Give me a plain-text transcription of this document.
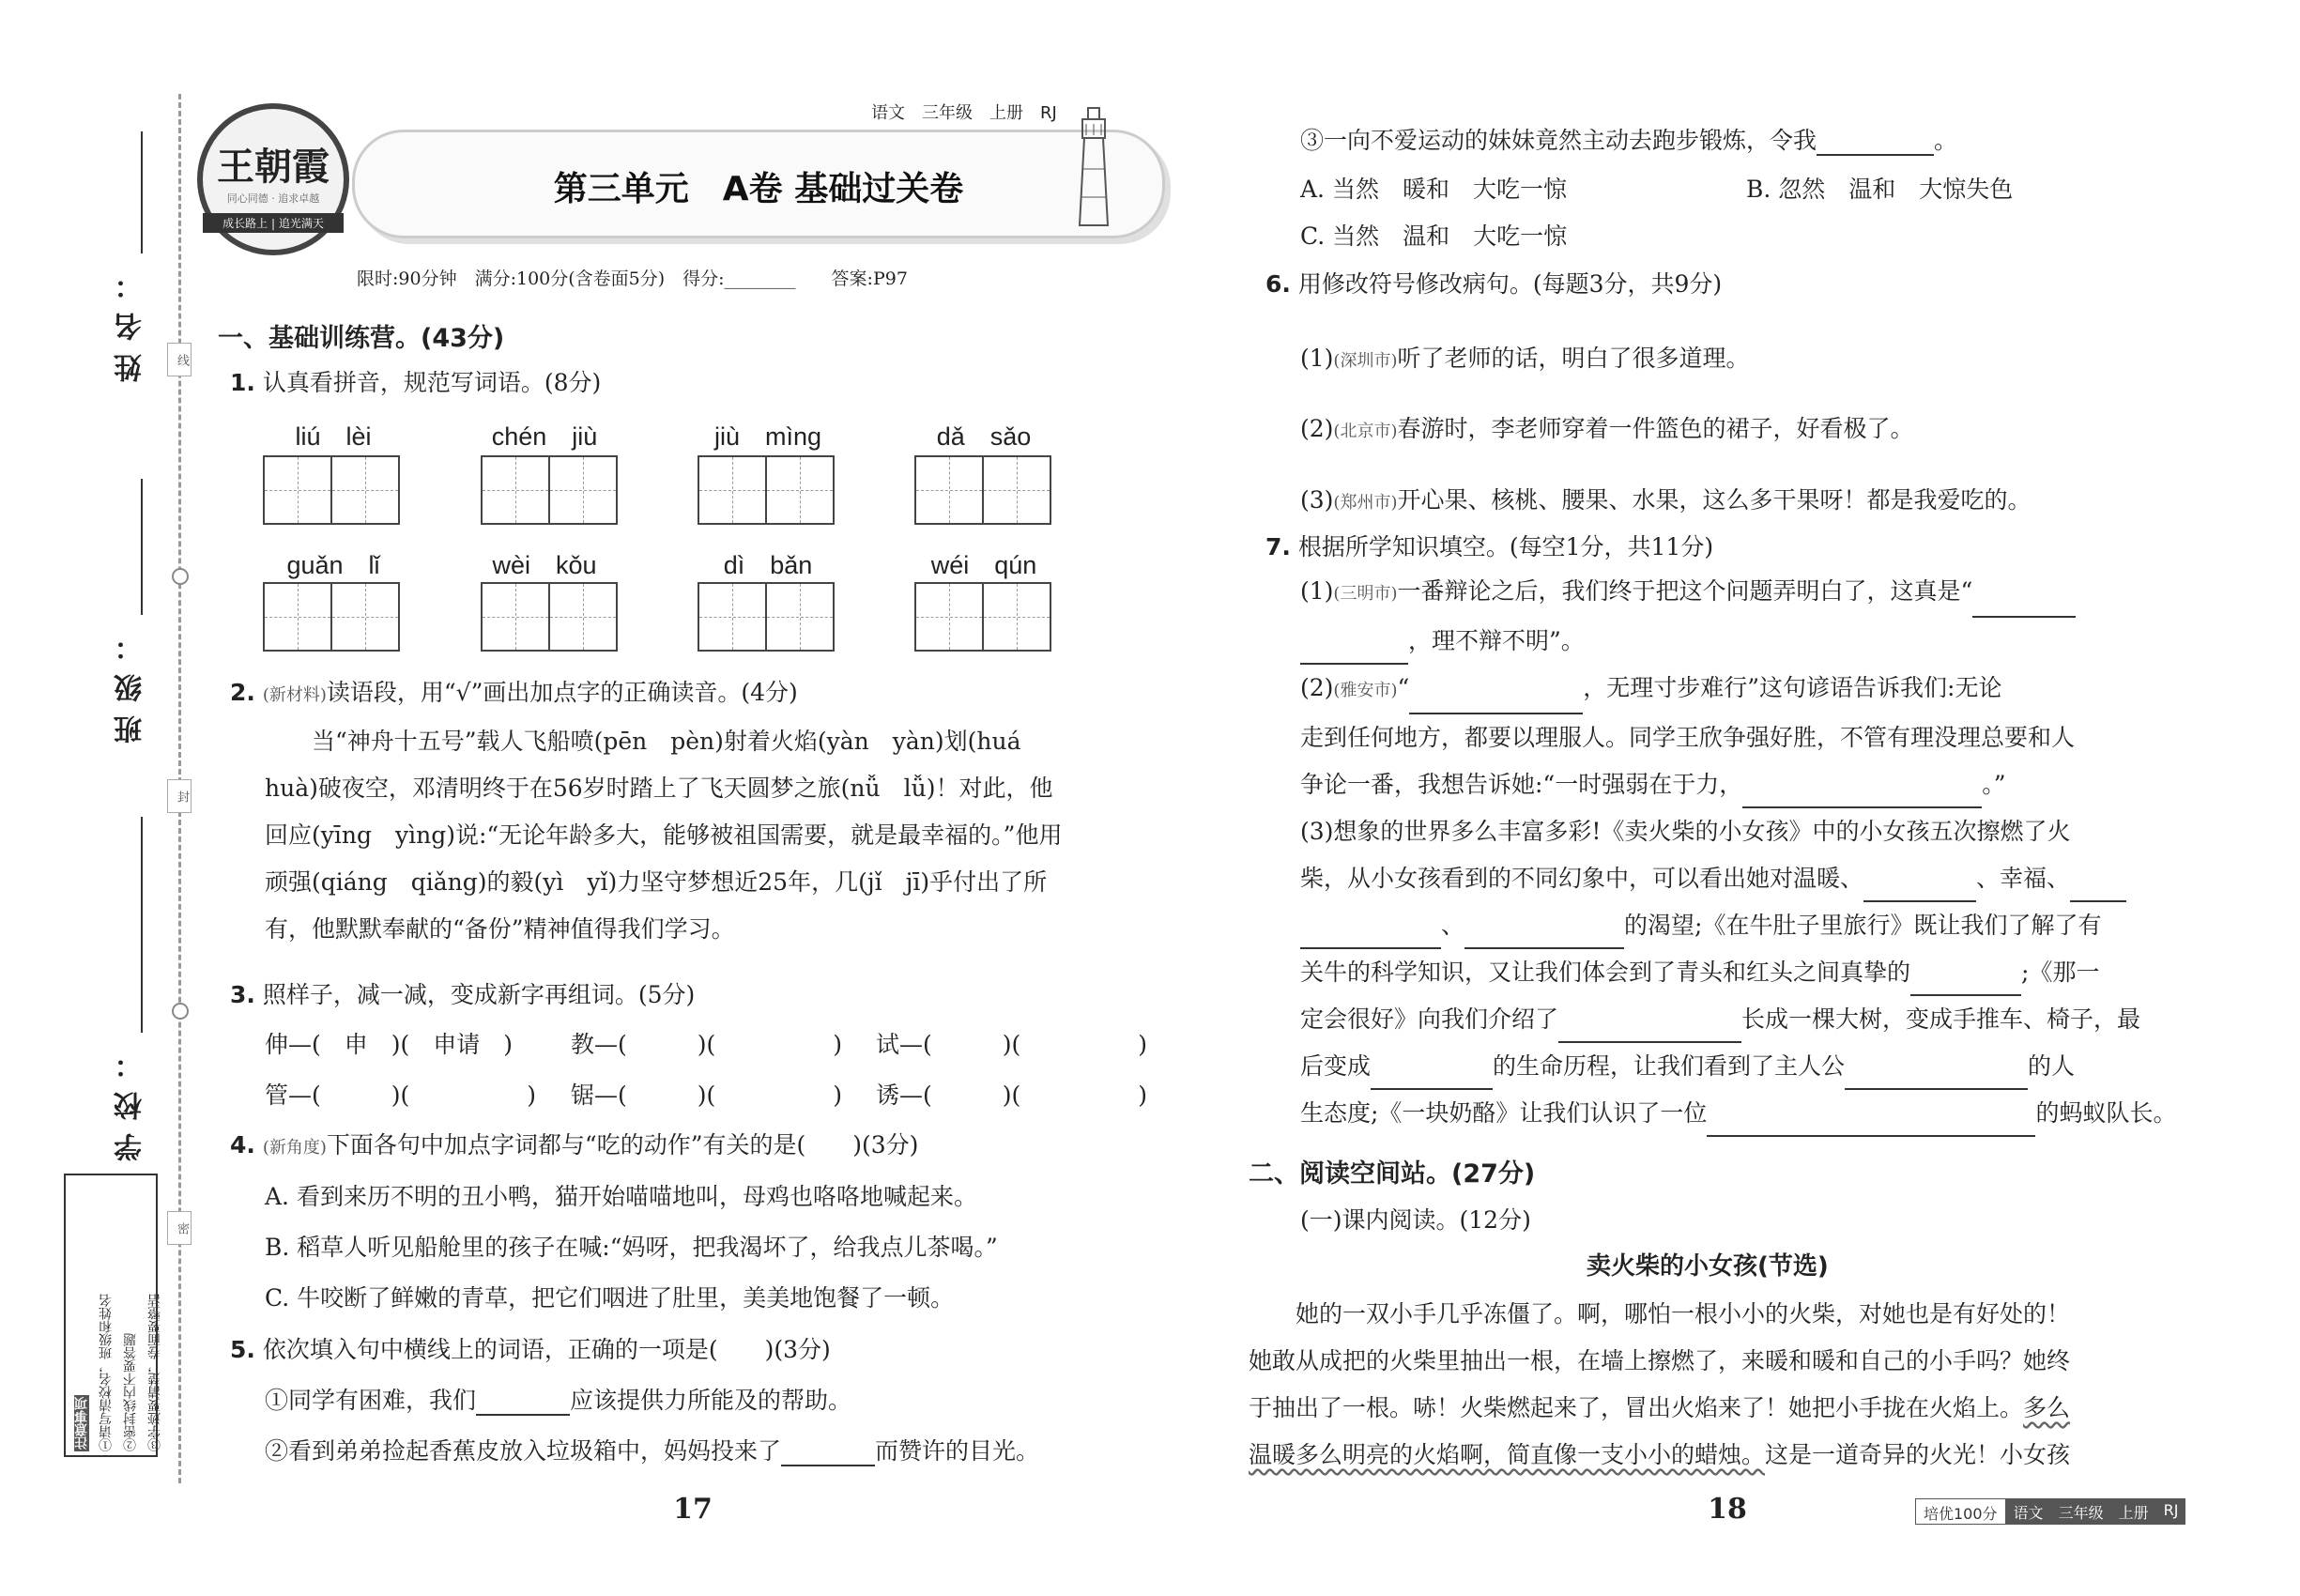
姓名：
班级：
学校：
线
封
密
注意事项 ①请写清校名，班级和姓名 ②密封线内不要答题 ③字迹要清楚，卷面要整洁
王朝霞
同心同德 · 追求卓越
成长路上 | 追光满天
语文　三年级　上册　RJ
第三单元　A卷 基础过关卷
限时:90分钟　满分:100分(含卷面5分)　得分:________　　答案:P97
一、基础训练营。(43分)
1. 认真看拼音，规范写词语。(8分)
liú　lèi	chén　jiù	jiù　mìng	dǎ　sǎo
guǎn　lǐ	wèi　kǒu	dì　bǎn	wéi　qún
2. (新材料)读语段，用“√”画出加点字的正确读音。(4分)
　　当“神舟十五号”载人飞船喷(pēn　pèn)射着火焰(yàn　yàn)划(huá
huà)破夜空，邓清明终于在56岁时踏上了飞天圆梦之旅(nǚ　lǚ)！对此，他
回应(yīng　yìng)说:“无论年龄多大，能够被祖国需要，就是最幸福的。”他用
顽强(qiáng　qiǎng)的毅(yì　yǐ)力坚守梦想近25年，几(jǐ　jī)乎付出了所
有，他默默奉献的“备份”精神值得我们学习。
3. 照样子，减一减，变成新字再组词。(5分)
伸—(　申　)(　申请　) 教—(　　　)(　　　　　) 试—(　　　)(　　　　　)
管—(　　　)(　　　　　) 锯—(　　　)(　　　　　) 诱—(　　　)(　　　　　)
4. (新角度)下面各句中加点字词都与“吃的动作”有关的是(　　)(3分)
A. 看到来历不明的丑小鸭，猫开始喵喵地叫，母鸡也咯咯地喊起来。
B. 稻草人听见船舱里的孩子在喊:“妈呀，把我渴坏了，给我点儿茶喝。”
C. 牛咬断了鲜嫩的青草，把它们咽进了肚里，美美地饱餐了一顿。
5. 依次填入句中横线上的词语，正确的一项是(　　)(3分)
①同学有困难，我们	应该提供力所能及的帮助。
②看到弟弟捡起香蕉皮放入垃圾箱中，妈妈投来了	而赞许的目光。
17
③一向不爱运动的妹妹竟然主动去跑步锻炼，令我	。
A. 当然　暖和　大吃一惊	B. 忽然　温和　大惊失色
C. 当然　温和　大吃一惊
6. 用修改符号修改病句。(每题3分，共9分)
(1)(深圳市)听了老师的话，明白了很多道理。
(2)(北京市)春游时，李老师穿着一件篮色的裙子，好看极了。
(3)(郑州市)开心果、核桃、腰果、水果，这么多干果呀！都是我爱吃的。
7. 根据所学知识填空。(每空1分，共11分)
(1)(三明市)一番辩论之后，我们终于把这个问题弄明白了，这真是“
，理不辩不明”。
(2)(雅安市)“	，无理寸步难行”这句谚语告诉我们:无论
走到任何地方，都要以理服人。同学王欣争强好胜，不管有理没理总要和人
争论一番，我想告诉她:“一时强弱在于力，	。”
(3)想象的世界多么丰富多彩!《卖火柴的小女孩》中的小女孩五次擦燃了火
柴，从小女孩看到的不同幻象中，可以看出她对温暖、	、幸福、
、	的渴望;《在牛肚子里旅行》既让我们了解了有
关牛的科学知识，又让我们体会到了青头和红头之间真挚的	;《那一
定会很好》向我们介绍了	长成一棵大树，变成手推车、椅子，最
后变成	的生命历程，让我们看到了主人公	的人
生态度;《一块奶酪》让我们认识了一位	的蚂蚁队长。
二、阅读空间站。(27分)
(一)课内阅读。(12分)
卖火柴的小女孩(节选)
　　她的一双小手几乎冻僵了。啊，哪怕一根小小的火柴，对她也是有好处的！
她敢从成把的火柴里抽出一根，在墙上擦燃了，来暖和暖和自己的小手吗？她终
于抽出了一根。哧！火柴燃起来了，冒出火焰来了！她把小手拢在火焰上。多么
温暖多么明亮的火焰啊，简直像一支小小的蜡烛。这是一道奇异的火光！小女孩
18	培优100分	语文	三年级	上册	RJ
